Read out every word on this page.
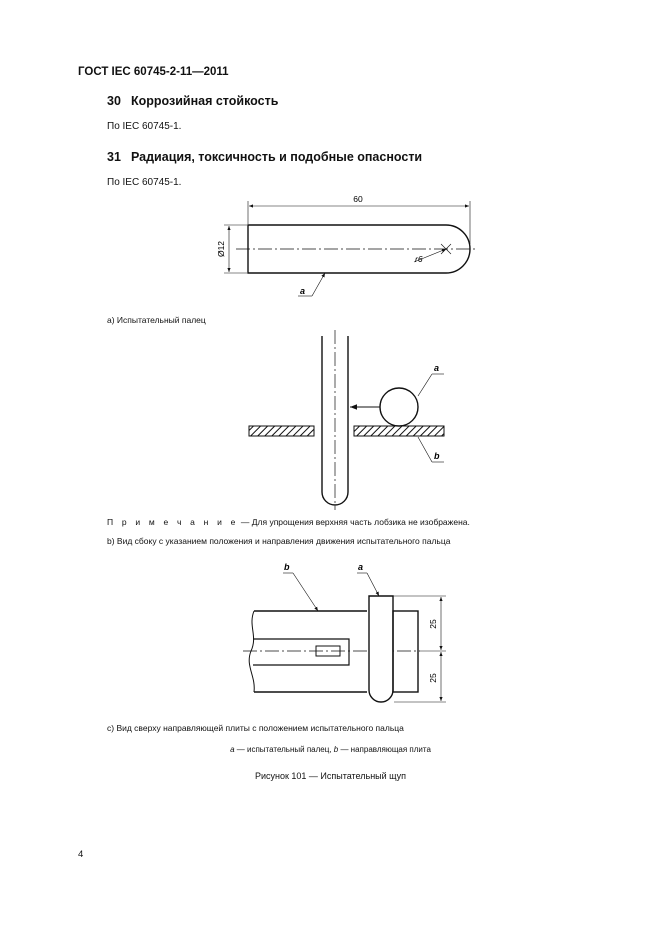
ГОСТ IEC 60745-2-11—2011
30 Коррозийная стойкость
По IEC 60745-1.
31 Радиация, токсичность и подобные опасности
По IEC 60745-1.
60
Ø12
r6
a
a
b
25
25
b	a
a) Испытательный палец
П р и м е ч а н и е — Для упрощения верхняя часть лобзика не изображена.
b) Вид сбоку с указанием положения и направления движения испытательного пальца
c) Вид сверху направляющей плиты с положением испытательного пальца
a — испытательный палец, b — направляющая плита
Рисунок 101 — Испытательный щуп
4
